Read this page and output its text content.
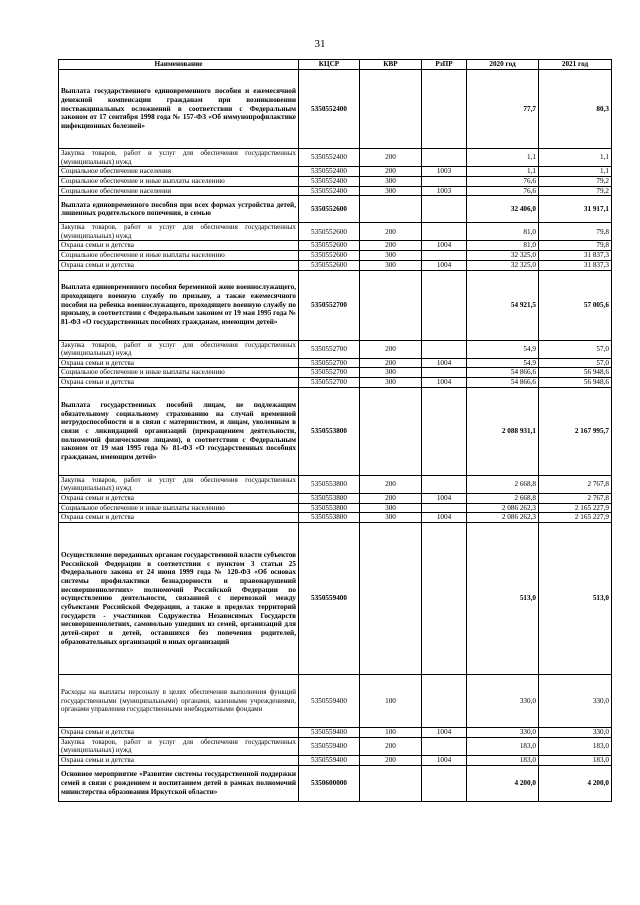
31
Наименование	КЦСР	КВР	РзПР	2020 год	2021 год
Выплата государственного единовременного пособия и ежемесячной денежной компенсации гражданам при возникновении поствакцинальных осложнений в соответствии с Федеральным законом от 17 сентября 1998 года № 157-ФЗ «Об иммунопрофилактике инфекционных болезней»	5350552400			77,7	80,3
Закупка товаров, работ и услуг для обеспечения государственных (муниципальных) нужд	5350552400	200		1,1	1,1
Социальное обеспечение населения	5350552400	200	1003	1,1	1,1
Социальное обеспечение и иные выплаты населению	5350552400	300		76,6	79,2
Социальное обеспечение населения	5350552400	300	1003	76,6	79,2
Выплата единовременного пособия при всех формах устройства детей, лишенных родительского попечения, в семью	5350552600			32 406,0	31 917,1
Закупка товаров, работ и услуг для обеспечения государственных (муниципальных) нужд	5350552600	200		81,0	79,8
Охрана семьи и детства	5350552600	200	1004	81,0	79,8
Социальное обеспечение и иные выплаты населению	5350552600	300		32 325,0	31 837,3
Охрана семьи и детства	5350552600	300	1004	32 325,0	31 837,3
Выплата единовременного пособия беременной жене военнослужащего, проходящего военную службу по призыву, а также ежемесячного пособия на ребенка военнослужащего, проходящего военную службу по призыву, в соответствии с Федеральным законом от 19 мая 1995 года № 81-ФЗ «О государственных пособиях гражданам, имеющим детей»	5350552700			54 921,5	57 005,6
Закупка товаров, работ и услуг для обеспечения государственных (муниципальных) нужд	5350552700	200		54,9	57,0
Охрана семьи и детства	5350552700	200	1004	54,9	57,0
Социальное обеспечение и иные выплаты населению	5350552700	300		54 866,6	56 948,6
Охрана семьи и детства	5350552700	300	1004	54 866,6	56 948,6
Выплата государственных пособий лицам, не подлежащим обязательному социальному страхованию на случай временной нетрудоспособности и в связи с материнством, и лицам, уволенным в связи с ликвидацией организаций (прекращением деятельности, полномочий физическими лицами), в соответствии с Федеральным законом от 19 мая 1995 года № 81-ФЗ «О государственных пособиях гражданам, имеющим детей»	5350553800			2 088 931,1	2 167 995,7
Закупка товаров, работ и услуг для обеспечения государственных (муниципальных) нужд	5350553800	200		2 668,8	2 767,8
Охрана семьи и детства	5350553800	200	1004	2 668,8	2 767,8
Социальное обеспечение и иные выплаты населению	5350553800	300		2 086 262,3	2 165 227,9
Охрана семьи и детства	5350553800	300	1004	2 086 262,3	2 165 227,9
Осуществление переданных органам государственной власти субъектов Российской Федерации в соответствии с пунктом 3 статьи 25 Федерального закона от 24 июня 1999 года № 120-ФЗ «Об основах системы профилактики безнадзорности и правонарушений несовершеннолетних» полномочий Российской Федерации по осуществлению деятельности, связанной с перевозкой между субъектами Российской Федерации, а также в пределах территорий государств - участников Содружества Независимых Государств несовершеннолетних, самовольно ушедших из семей, организаций для детей-сирот и детей, оставшихся без попечения родителей, образовательных организаций и иных организаций	5350559400			513,0	513,0
Расходы на выплаты персоналу в целях обеспечения выполнения функций государственными (муниципальными) органами, казенными учреждениями, органами управления государственными внебюджетными фондами	5350559400	100		330,0	330,0
Охрана семьи и детства	5350559400	100	1004	330,0	330,0
Закупка товаров, работ и услуг для обеспечения государственных (муниципальных) нужд	5350559400	200		183,0	183,0
Охрана семьи и детства	5350559400	200	1004	183,0	183,0
Основное мероприятие «Развитие системы государственной поддержки семей в связи с рождением и воспитанием детей в рамках полномочий министерства образования Иркутской области»	5350600000			4 200,0	4 200,0
